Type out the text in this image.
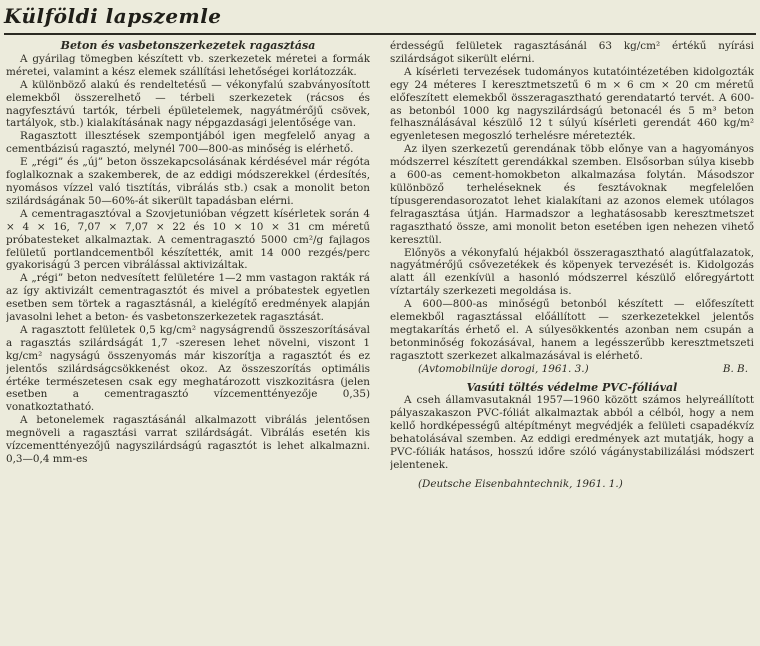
Külföldi lapszemle

Beton és vasbetonszerkezetek ragasztása

A gyárilag tömegben készített vb. szerkezetek méretei a formák méretei, valamint a kész elemek szállítási lehetőségei korlátozzák.

A különböző alakú és rendeltetésű — vékonyfalú szabványosított elemekből összerelhető — térbeli szerkezetek (rácsos és nagyfesztávú tartók, térbeli épületelemek, nagyátmérőjű csövek, tartályok, stb.) kialakításának nagy népgazdasági jelentősége van.

Ragasztott illesztések szempontjából igen megfelelő anyag a cementbázisú ragasztó, melynél 700—800-as minőség is elérhető.

E „régi” és „új” beton összekapcsolásának kérdésével már régóta foglalkoznak a szakemberek, de az eddigi módszerekkel (érdesítés, nyomásos vízzel való tisztítás, vibrálás stb.) csak a monolit beton szilárdságának 50—60%-át sikerült tapadásban elérni.

A cementragasztóval a Szovjetunióban végzett kísérletek során 4 × 4 × 16, 7,07 × 7,07 × 22 és 10 × 10 × 31 cm méretű próbatesteket alkalmaztak. A cementragasztó 5000 cm²/g fajlagos felületű portlandcementből készítették, amit 14 000 rezgés/perc gyakoriságú 3 percen vibrálással aktivizáltak.

A „régi” beton nedvesített felületére 1—2 mm vastagon rakták rá az így aktivizált cementragasztót és mivel a próbatestek egyetlen esetben sem törtek a ragasztásnál, a kielégítő eredmények alapján javasolni lehet a beton- és vasbetonszerkezetek ragasztását.

A ragasztott felületek 0,5 kg/cm² nagyságrendű összeszorításával a ragasztás szilárdságát 1,7 -szeresen lehet növelni, viszont 1 kg/cm² nagyságú összenyomás már kiszorítja a ragasztót és ez jelentős szilárdságcsökkenést okoz. Az összeszorítás optimális értéke természetesen csak egy meghatározott viszkozitásra (jelen esetben a cementragasztó vízcementtényezője 0,35) vonatkoztatható.

A betonelemek ragasztásánál alkalmazott vibrálás jelentősen megnöveli a ragasztási varrat szilárdságát. Vibrálás esetén kis vízcementtényezőjű nagyszilárdságú ragasztót is lehet alkalmazni. 0,3—0,4 mm-es

érdességű felületek ragasztásánál 63 kg/cm² értékű nyírási szilárdságot sikerült elérni.

A kísérleti tervezések tudományos kutatóintézetében kidolgozták egy 24 méteres I keresztmetszetű 6 m × 6 cm × 20 cm méretű előfeszített elemekből összeragasztható gerendatartó tervét. A 600-as betonból 1000 kg nagyszilárdságú betonacél és 5 m³ beton felhasználásával készülő 12 t súlyú kísérleti gerendát 460 kg/m² egyenletesen megoszló terhelésre méretezték.

Az ilyen szerkezetű gerendának több előnye van a hagyományos módszerrel készített gerendákkal szemben. Elsősorban súlya kisebb a 600-as cement-homokbeton alkalmazása folytán. Másodszor különböző terheléseknek és fesztávoknak megfelelően típusgerendasorozatot lehet kialakítani az azonos elemek utólagos felragasztása útján. Harmadszor a leghatásosabb keresztmetszet ragasztható össze, ami monolit beton esetében igen nehezen vihető keresztül.

Előnyös a vékonyfalú héjakból összeragasztható alagútfalazatok, nagyátmérőjű csővezetékek és köpenyek tervezését is. Kidolgozás alatt áll ezenkívül a hasonló módszerrel készülő előregyártott víztartály szerkezeti megoldása is.

A 600—800-as minőségű betonból készített — előfeszített elemekből ragasztással előállított — szerkezetekkel jelentős megtakarítás érhető el. A súlyesökkentés azonban nem csupán a betonminőség fokozásával, hanem a legésszerűbb keresztmetszeti ragasztott szerkezet alkalmazásával is elérhető.

(Avtomobilnüje dorogi, 1961. 3.)	B. B.

Vasúti töltés védelme PVC-fóliával

A cseh államvasutaknál 1957—1960 között számos helyreállított pályaszakaszon PVC-fóliát alkalmaztak abból a célból, hogy a nem kellő hordképességű altépítményt megvédjék a felületi csapadékvíz behatolásával szemben. Az eddigi eredmények azt mutatják, hogy a PVC-fóliák hatásos, hosszú időre szóló vágánystabilizálási módszert jelentenek.

(Deutsche Eisenbahntechnik, 1961. 1.)
